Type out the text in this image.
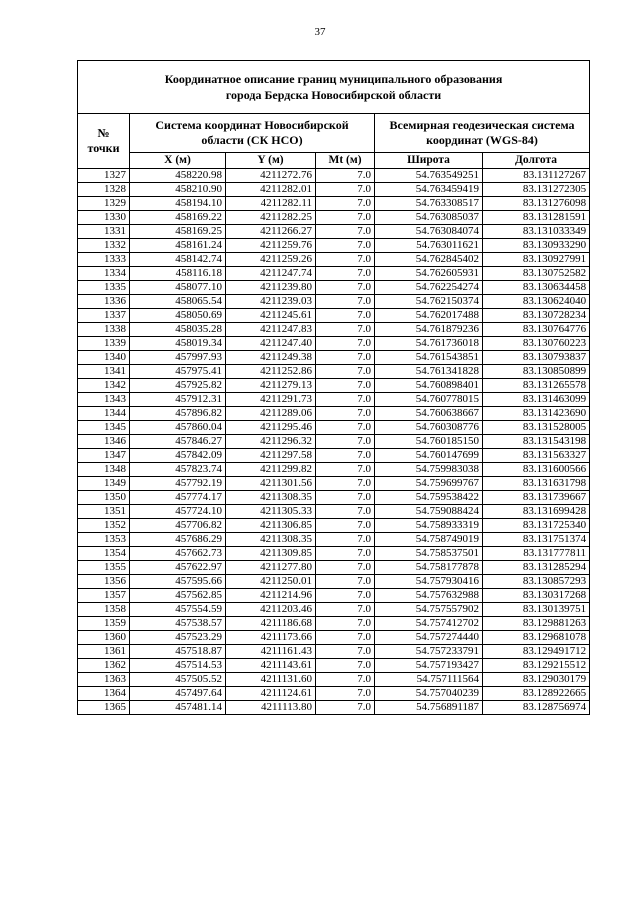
37
Координатное описание границ муниципального образования
города Бердска Новосибирской области					

№
точки	Система координат Новосибирской области (СК НСО)			Всемирная геодезическая система координат (WGS-84)	
	X (м)	Y (м)	Mt (м)	Широта	Долгота
1327	458220.98	4211272.76	7.0	54.763549251	83.131127267
1328	458210.90	4211282.01	7.0	54.763459419	83.131272305
1329	458194.10	4211282.11	7.0	54.763308517	83.131276098
1330	458169.22	4211282.25	7.0	54.763085037	83.131281591
1331	458169.25	4211266.27	7.0	54.763084074	83.131033349
1332	458161.24	4211259.76	7.0	54.763011621	83.130933290
1333	458142.74	4211259.26	7.0	54.762845402	83.130927991
1334	458116.18	4211247.74	7.0	54.762605931	83.130752582
1335	458077.10	4211239.80	7.0	54.762254274	83.130634458
1336	458065.54	4211239.03	7.0	54.762150374	83.130624040
1337	458050.69	4211245.61	7.0	54.762017488	83.130728234
1338	458035.28	4211247.83	7.0	54.761879236	83.130764776
1339	458019.34	4211247.40	7.0	54.761736018	83.130760223
1340	457997.93	4211249.38	7.0	54.761543851	83.130793837
1341	457975.41	4211252.86	7.0	54.761341828	83.130850899
1342	457925.82	4211279.13	7.0	54.760898401	83.131265578
1343	457912.31	4211291.73	7.0	54.760778015	83.131463099
1344	457896.82	4211289.06	7.0	54.760638667	83.131423690
1345	457860.04	4211295.46	7.0	54.760308776	83.131528005
1346	457846.27	4211296.32	7.0	54.760185150	83.131543198
1347	457842.09	4211297.58	7.0	54.760147699	83.131563327
1348	457823.74	4211299.82	7.0	54.759983038	83.131600566
1349	457792.19	4211301.56	7.0	54.759699767	83.131631798
1350	457774.17	4211308.35	7.0	54.759538422	83.131739667
1351	457724.10	4211305.33	7.0	54.759088424	83.131699428
1352	457706.82	4211306.85	7.0	54.758933319	83.131725340
1353	457686.29	4211308.35	7.0	54.758749019	83.131751374
1354	457662.73	4211309.85	7.0	54.758537501	83.131777811
1355	457622.97	4211277.80	7.0	54.758177878	83.131285294
1356	457595.66	4211250.01	7.0	54.757930416	83.130857293
1357	457562.85	4211214.96	7.0	54.757632988	83.130317268
1358	457554.59	4211203.46	7.0	54.757557902	83.130139751
1359	457538.57	4211186.68	7.0	54.757412702	83.129881263
1360	457523.29	4211173.66	7.0	54.757274440	83.129681078
1361	457518.87	4211161.43	7.0	54.757233791	83.129491712
1362	457514.53	4211143.61	7.0	54.757193427	83.129215512
1363	457505.52	4211131.60	7.0	54.757111564	83.129030179
1364	457497.64	4211124.61	7.0	54.757040239	83.128922665
1365	457481.14	4211113.80	7.0	54.756891187	83.128756974
